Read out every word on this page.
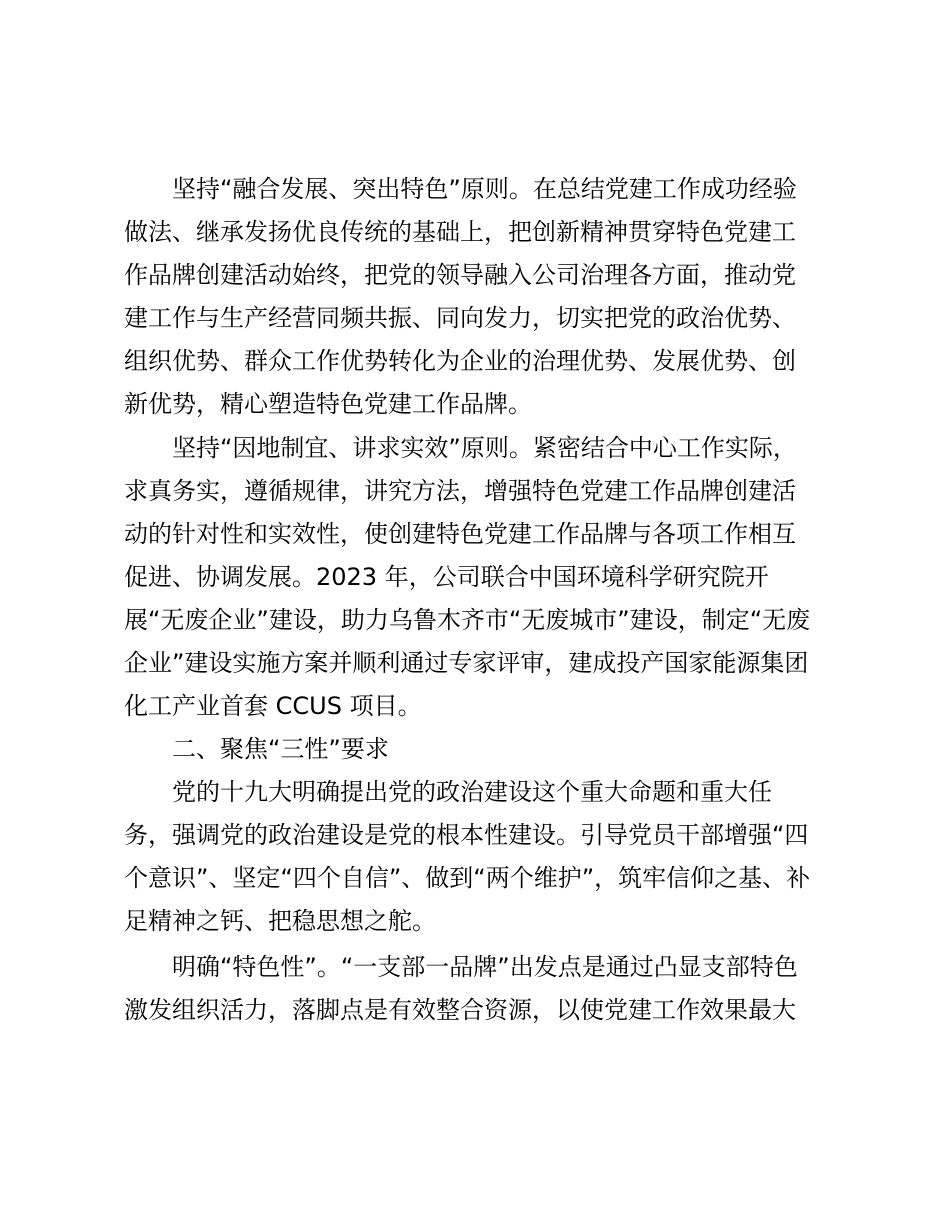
坚持“融合发展、突出特色”原则。在总结党建工作成功经验

做法、继承发扬优良传统的基础上，把创新精神贯穿特色党建工

作品牌创建活动始终，把党的领导融入公司治理各方面，推动党

建工作与生产经营同频共振、同向发力，切实把党的政治优势、

组织优势、群众工作优势转化为企业的治理优势、发展优势、创

新优势，精心塑造特色党建工作品牌。

坚持“因地制宜、讲求实效”原则。紧密结合中心工作实际，

求真务实，遵循规律，讲究方法，增强特色党建工作品牌创建活

动的针对性和实效性，使创建特色党建工作品牌与各项工作相互

促进、协调发展。2023 年，公司联合中国环境科学研究院开

展“无废企业”建设，助力乌鲁木齐市“无废城市”建设，制定“无废

企业”建设实施方案并顺利通过专家评审，建成投产国家能源集团

化工产业首套 CCUS 项目。

二、聚焦“三性”要求

党的十九大明确提出党的政治建设这个重大命题和重大任

务，强调党的政治建设是党的根本性建设。引导党员干部增强“四

个意识”、坚定“四个自信”、做到“两个维护”，筑牢信仰之基、补

足精神之钙、把稳思想之舵。

明确“特色性”。“一支部一品牌”出发点是通过凸显支部特色

激发组织活力，落脚点是有效整合资源，以使党建工作效果最大
